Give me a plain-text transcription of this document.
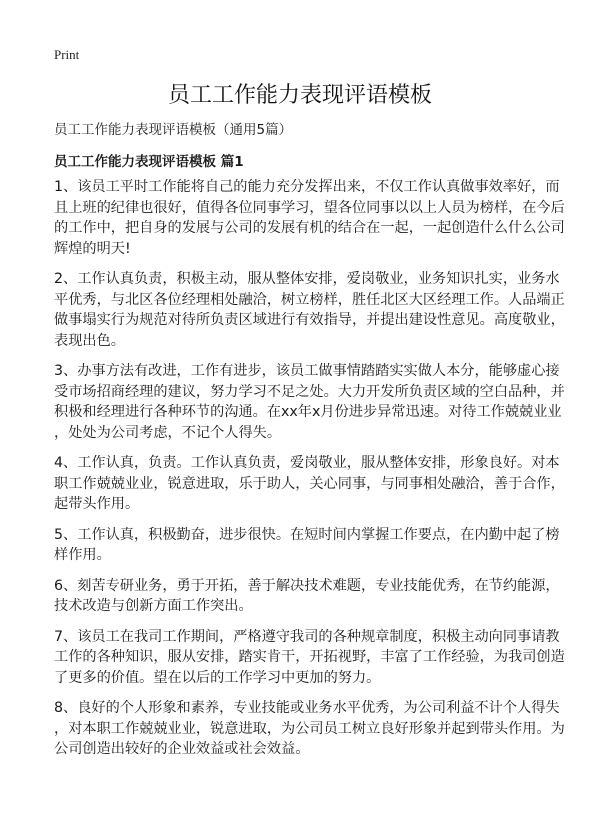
Print
员工工作能力表现评语模板
员工工作能力表现评语模板（通用5篇）
员工工作能力表现评语模板 篇1

1、该员工平时工作能将自己的能力充分发挥出来，不仅工作认真做事效率好，而
且上班的纪律也很好，值得各位同事学习，望各位同事以以上人员为榜样，在今后
的工作中，把自身的发展与公司的发展有机的结合在一起，一起创造什么什么公司
辉煌的明天!

2、工作认真负责，积极主动，服从整体安排，爱岗敬业，业务知识扎实，业务水
平优秀，与北区各位经理相处融洽，树立榜样，胜任北区大区经理工作。人品端正
做事塌实行为规范对待所负责区域进行有效指导，并提出建设性意见。高度敬业，
表现出色。

3、办事方法有改进，工作有进步，该员工做事情踏踏实实做人本分，能够虚心接
受市场招商经理的建议，努力学习不足之处。大力开发所负责区域的空白品种，并
积极和经理进行各种环节的沟通。在xx年x月份进步异常迅速。对待工作兢兢业业
，处处为公司考虑，不记个人得失。

4、工作认真，负责。工作认真负责，爱岗敬业，服从整体安排，形象良好。对本
职工作兢兢业业，锐意进取，乐于助人，关心同事，与同事相处融洽，善于合作，
起带头作用。

5、工作认真，积极勤奋，进步很快。在短时间内掌握工作要点，在内勤中起了榜
样作用。

6、刻苦专研业务，勇于开拓，善于解决技术难题，专业技能优秀，在节约能源，
技术改造与创新方面工作突出。

7、该员工在我司工作期间，严格遵守我司的各种规章制度，积极主动向同事请教
工作的各种知识，服从安排，踏实肯干，开拓视野，丰富了工作经验，为我司创造
了更多的价值。望在以后的工作学习中更加的努力。

8、良好的个人形象和素养，专业技能或业务水平优秀，为公司利益不计个人得失
，对本职工作兢兢业业，锐意进取，为公司员工树立良好形象并起到带头作用。为
公司创造出较好的企业效益或社会效益。
